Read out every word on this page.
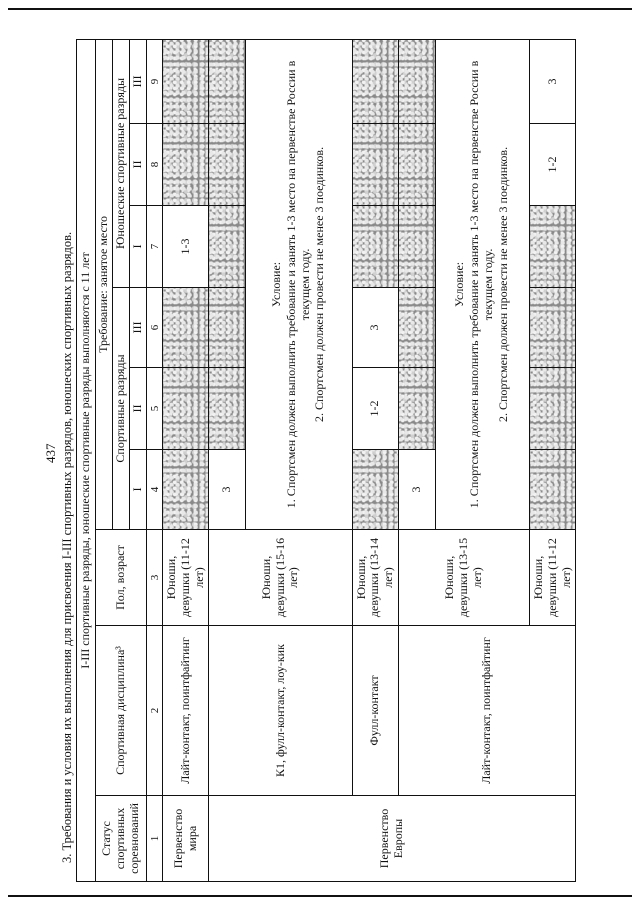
437 3. Требования и условия их выполнения для присвоения I-III спортивных разрядов, юношеских спортивных разрядов. I-III спортивные разряды, юношеские спортивные разряды выполняются с 11 лет								
Статус спортивных соревнований	Спортивная дисциплина³	Пол, возраст	Требование: занятое место					
			Спортивные разряды			Юношеские спортивные разряды		
			I	II	III	I	II	III
1	2	3	4	5	6	7	8	9
Первенство мира	Лайт-контакт, поинтфайтинг	Юноши, девушки (11-12 лет)				1-3		
Первенство Европы	К1, фулл-контакт, лоу-кик	Юноши, девушки (15-16 лет)	3					

			Условие: 1. Спортсмен должен выполнить требование и занять 1-3 место на первенстве России в текущем году. 2. Спортсмен должен провести не менее 3 поединков.					

	Фулл-контакт	Юноши, девушки (13-14 лет)		1-2	3			
	Лайт-контакт, поинтфайтинг	Юноши, девушки (13-15 лет)	3					

			Условие: 1. Спортсмен должен выполнить требование и занять 1-3 место на первенстве России в текущем году. 2. Спортсмен должен провести не менее 3 поединков.					

		Юноши, девушки (11-12 лет)					1-2	3
